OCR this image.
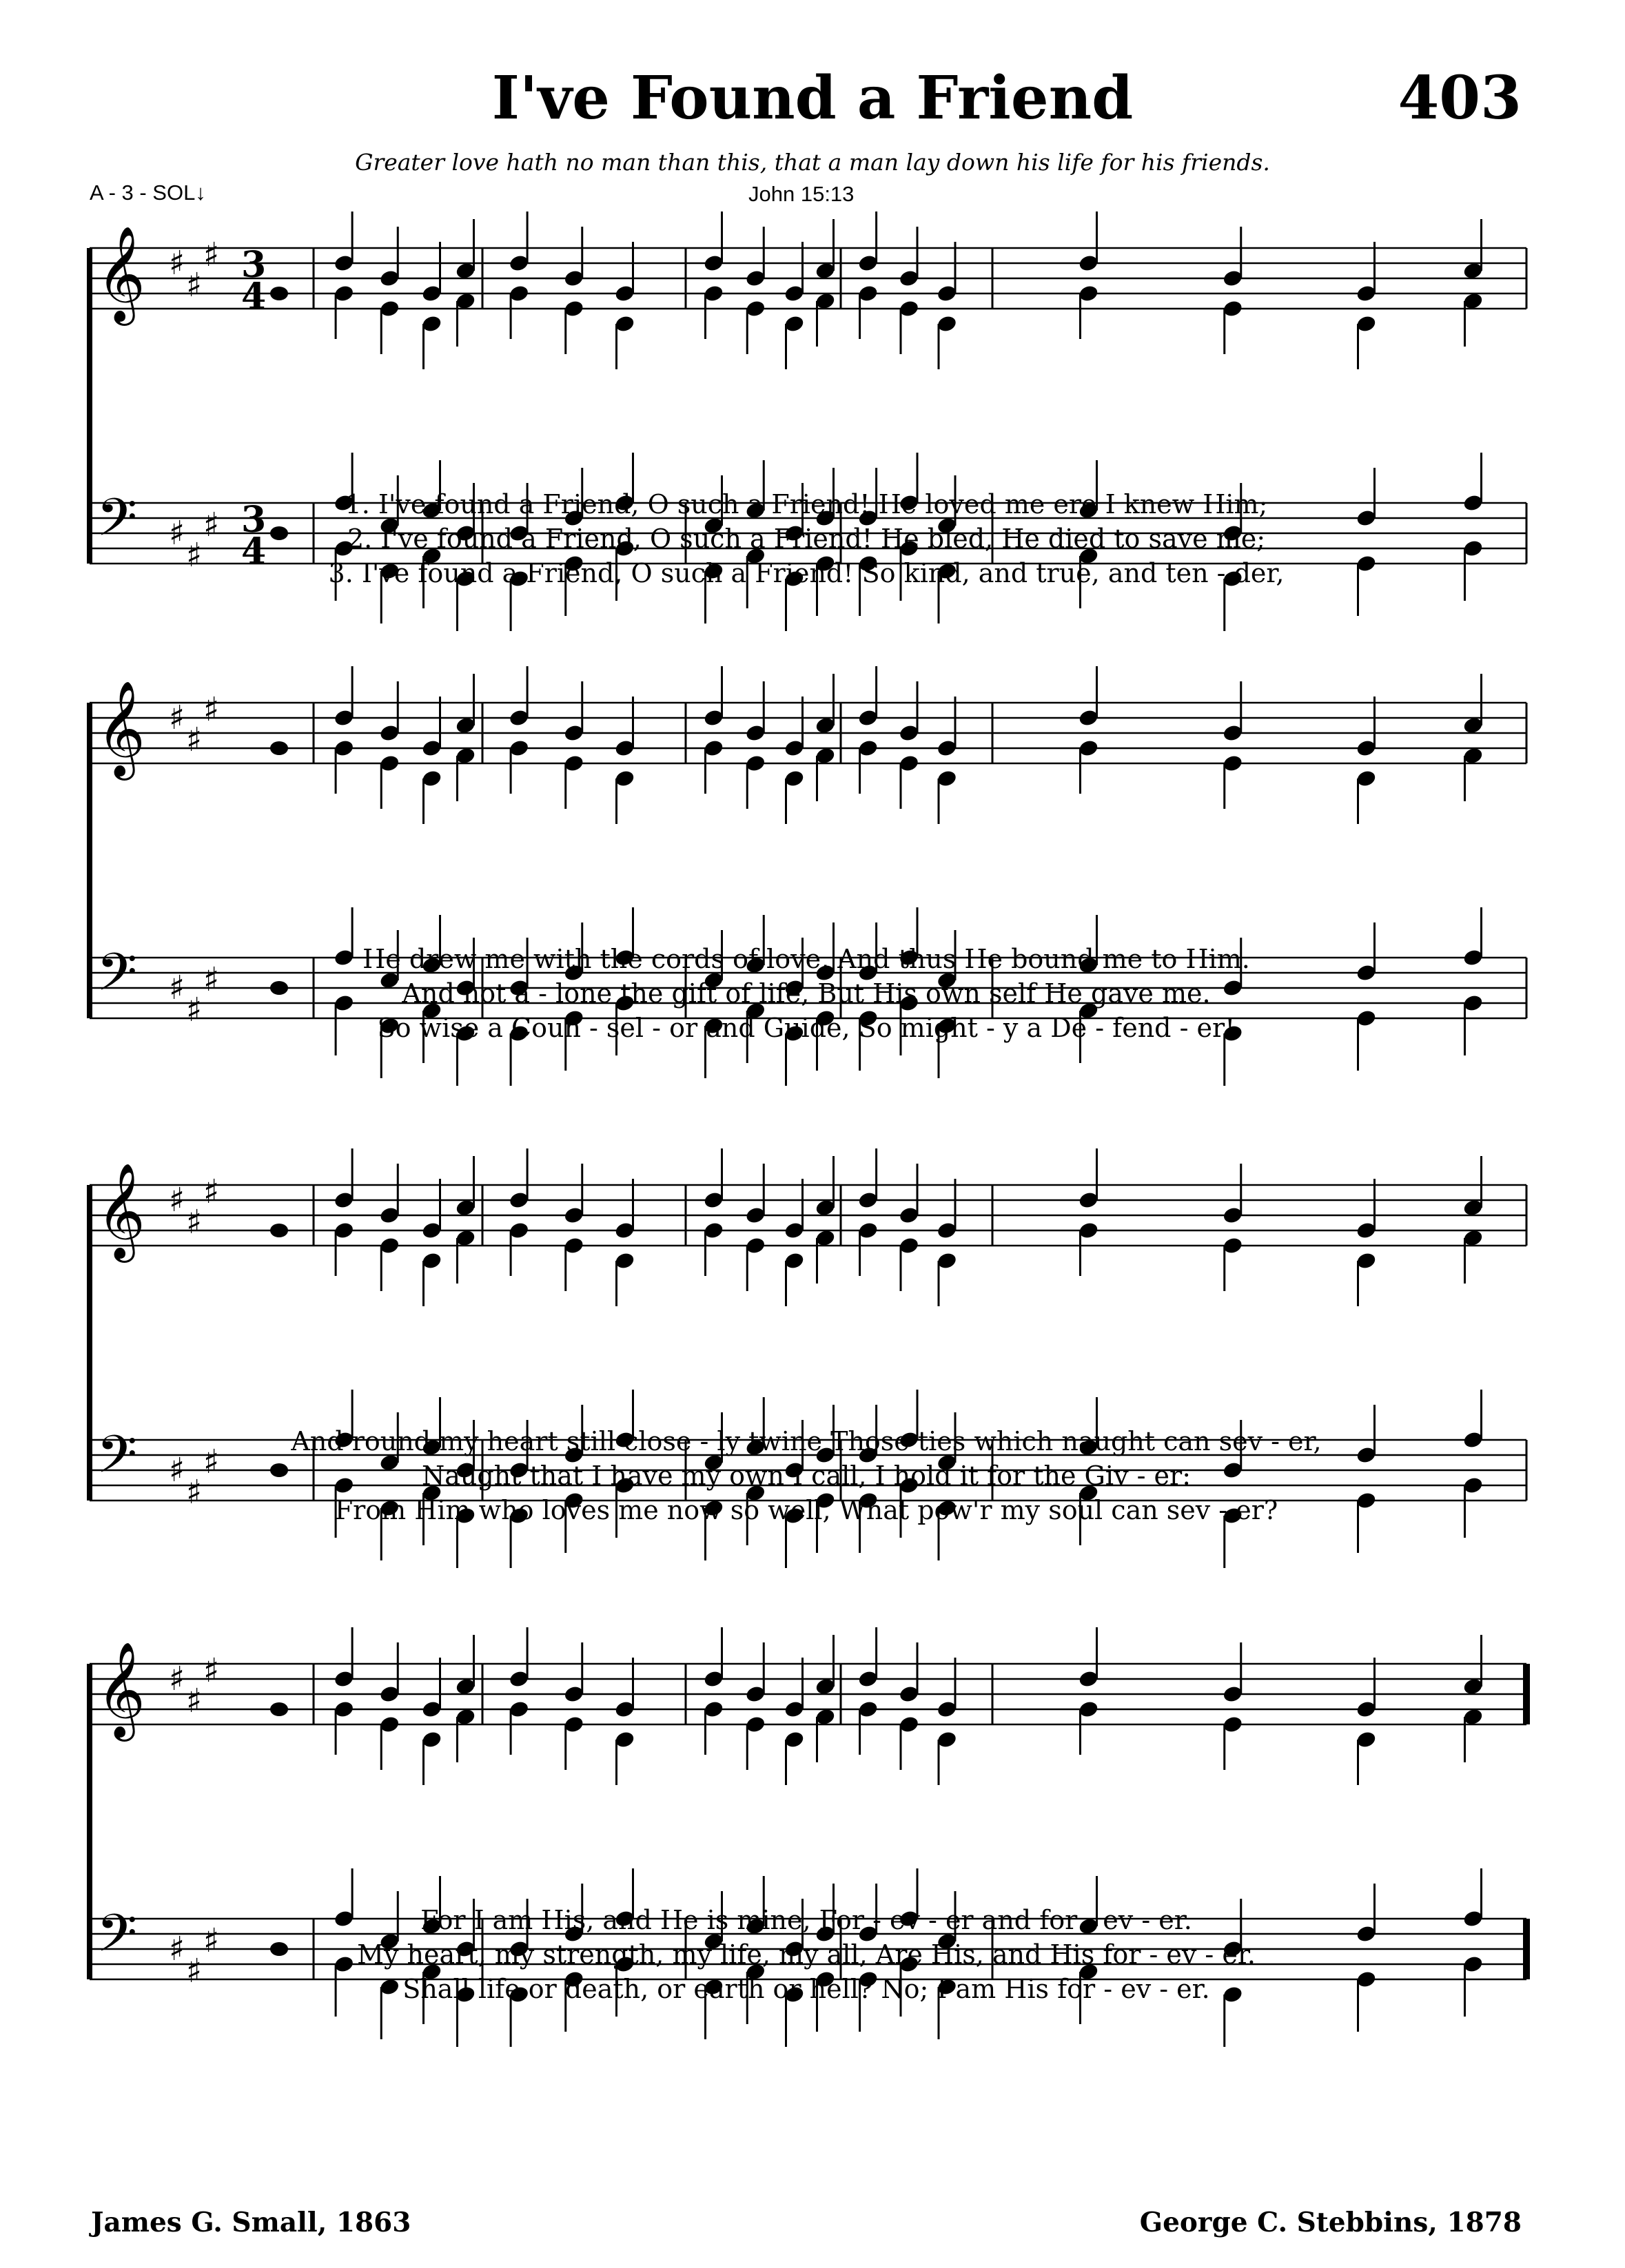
I've Found a Friend	403
Greater love hath no man than this, that a man lay down his life for his friends.
A - 3 - SOL↓	John 15:13
𝄞
𝄢
♯
♯
♯
♯
♯
♯
3
4
3
4
1. I've found a Friend, O such a Friend! He loved me ere I knew Him;
2. I've found a Friend, O such a Friend! He bled, He died to save me;
3. I've found a Friend, O such a Friend! So kind, and true, and ten - der,
𝄞
𝄢
♯
♯
♯
♯
♯
♯
He drew me with the cords of love, And thus He bound me to Him.
And not a - lone the gift of life, But His own self He gave me.
So wise a Coun - sel - or and Guide, So might - y a De - fend - er!
𝄞
𝄢
♯
♯
♯
♯
♯
♯
And round my heart still close - ly twine Those ties which naught can sev - er,
Naught that I have my own I call, I hold it for the Giv - er:
From Him who loves me now so well, What pow'r my soul can sev - er?
𝄞
𝄢
♯
♯
♯
♯
♯
♯
For I am His, and He is mine, For - ev - er and for - ev - er.
My heart, my strength, my life, my all, Are His, and His for - ev - er.
Shall life or death, or earth or hell? No; I am His for - ev - er.
James G. Small, 1863	George C. Stebbins, 1878
